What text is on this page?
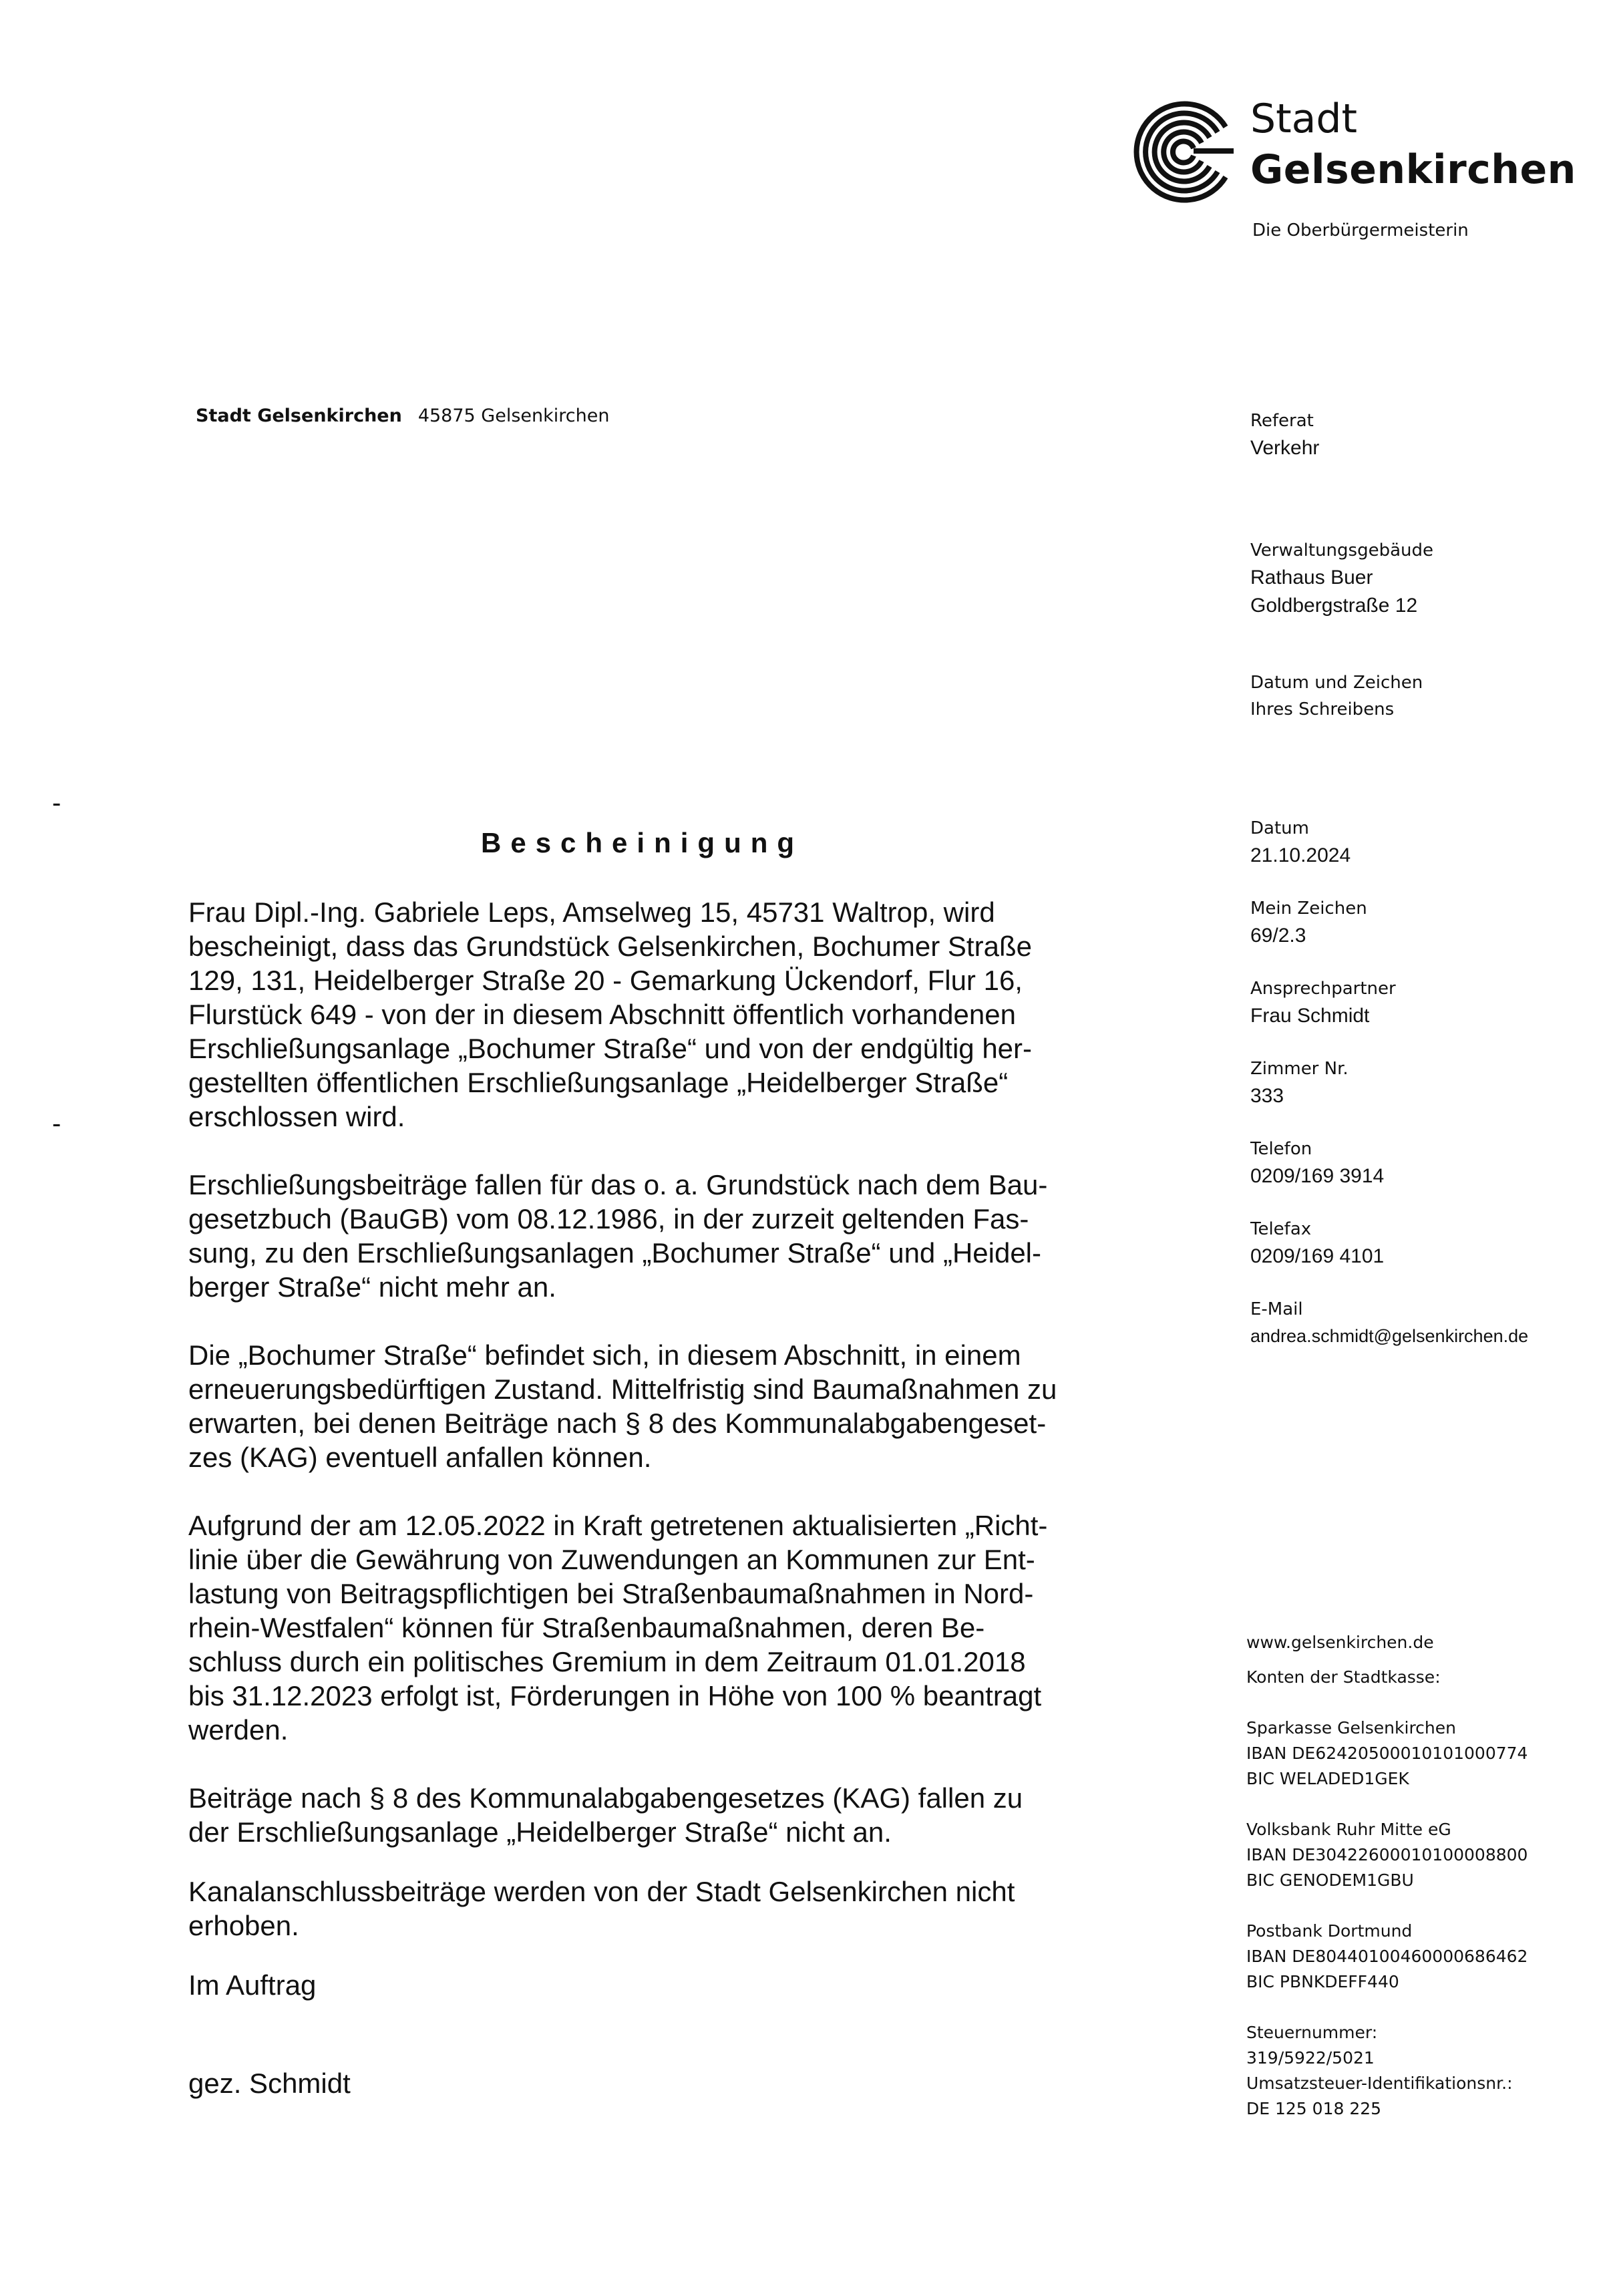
Stadt
Gelsenkirchen
Die Oberbürgermeisterin
Stadt Gelsenkirchen 45875 Gelsenkirchen	Referat
Verkehr
Verwaltungsgebäude
Rathaus Buer
Goldbergstraße 12
Datum und Zeichen
Ihres Schreibens
Datum
21.10.2024
Mein Zeichen
69/2.3
Ansprechpartner
Frau Schmidt
Zimmer Nr.
333
Telefon
0209/169 3914
Telefax
0209/169 4101
E-Mail
andrea.schmidt@gelsenkirchen.de
-
-
Bescheinigung

Frau Dipl.-Ing. Gabriele Leps, Amselweg 15, 45731 Waltrop, wird
bescheinigt, dass das Grundstück Gelsenkirchen, Bochumer Straße
129, 131, Heidelberger Straße 20 - Gemarkung Ückendorf, Flur 16,
Flurstück 649 - von der in diesem Abschnitt öffentlich vorhandenen
Erschließungsanlage „Bochumer Straße“ und von der endgültig her-
gestellten öffentlichen Erschließungsanlage „Heidelberger Straße“
erschlossen wird.

Erschließungsbeiträge fallen für das o. a. Grundstück nach dem Bau-
gesetzbuch (BauGB) vom 08.12.1986, in der zurzeit geltenden Fas-
sung, zu den Erschließungsanlagen „Bochumer Straße“ und „Heidel-
berger Straße“ nicht mehr an.

Die „Bochumer Straße“ befindet sich, in diesem Abschnitt, in einem
erneuerungsbedürftigen Zustand. Mittelfristig sind Baumaßnahmen zu
erwarten, bei denen Beiträge nach § 8 des Kommunalabgabengeset-
zes (KAG) eventuell anfallen können.

Aufgrund der am 12.05.2022 in Kraft getretenen aktualisierten „Richt-
linie über die Gewährung von Zuwendungen an Kommunen zur Ent-
lastung von Beitragspflichtigen bei Straßenbaumaßnahmen in Nord-
rhein-Westfalen“ können für Straßenbaumaßnahmen, deren Be-
schluss durch ein politisches Gremium in dem Zeitraum 01.01.2018
bis 31.12.2023 erfolgt ist, Förderungen in Höhe von 100 % beantragt
werden.

Beiträge nach § 8 des Kommunalabgabengesetzes (KAG) fallen zu
der Erschließungsanlage „Heidelberger Straße“ nicht an.

Kanalanschlussbeiträge werden von der Stadt Gelsenkirchen nicht
erhoben.

Im Auftrag

gez. Schmidt

www.gelsenkirchen.de
Konten der Stadtkasse:
Sparkasse Gelsenkirchen
IBAN DE62420500010101000774
BIC WELADED1GEK
Volksbank Ruhr Mitte eG
IBAN DE30422600010100008800
BIC GENODEM1GBU
Postbank Dortmund
IBAN DE80440100460000686462
BIC PBNKDEFF440
Steuernummer:
319/5922/5021
Umsatzsteuer-Identifikationsnr.:
DE 125 018 225
